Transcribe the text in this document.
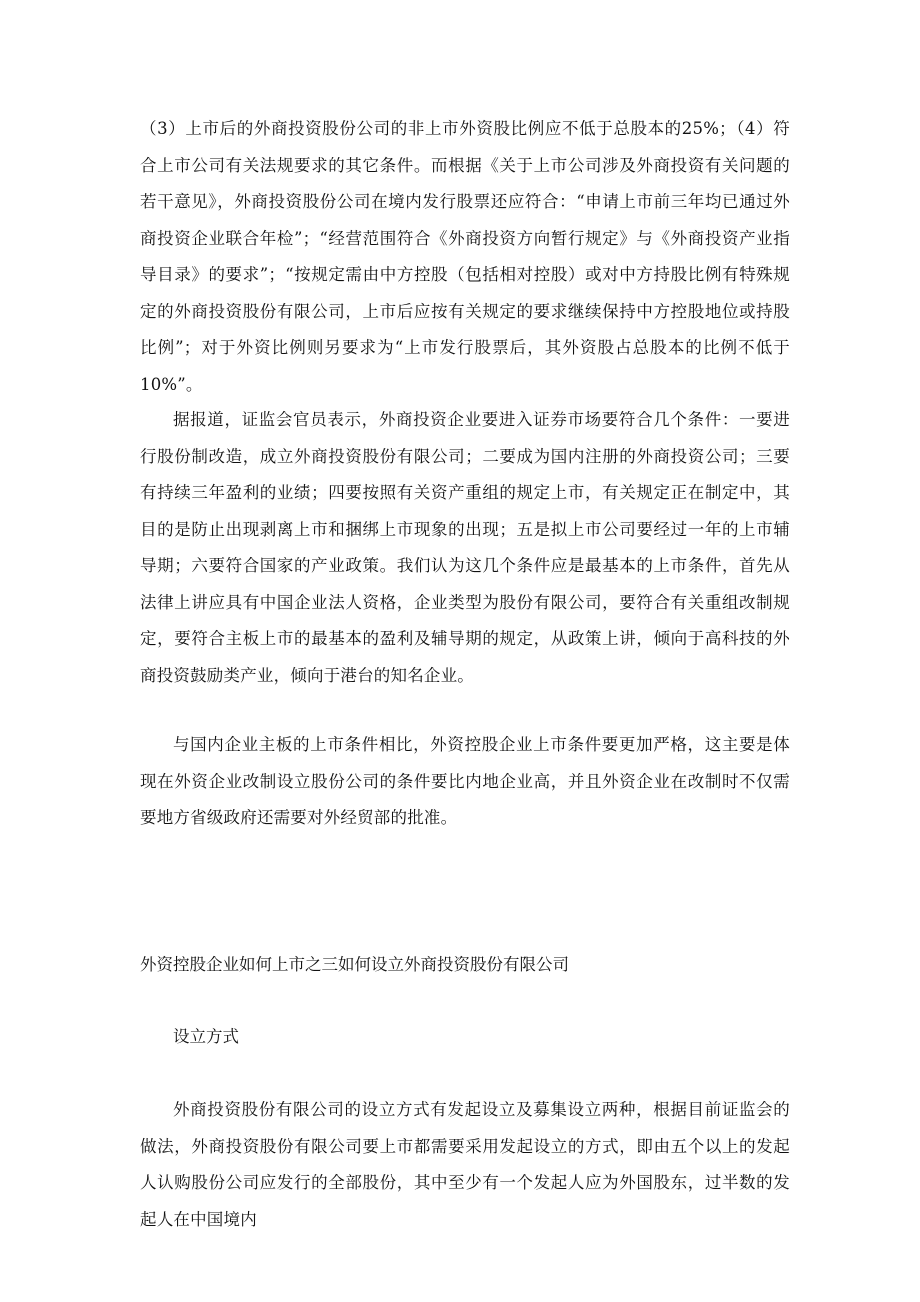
（3）上市后的外商投资股份公司的非上市外资股比例应不低于总股本的25%；（4）符合上市公司有关法规要求的其它条件。而根据《关于上市公司涉及外商投资有关问题的若干意见》，外商投资股份公司在境内发行股票还应符合：“申请上市前三年均已通过外商投资企业联合年检”；“经营范围符合《外商投资方向暂行规定》与《外商投资产业指导目录》的要求”；“按规定需由中方控股（包括相对控股）或对中方持股比例有特殊规定的外商投资股份有限公司，上市后应按有关规定的要求继续保持中方控股地位或持股比例”；对于外资比例则另要求为“上市发行股票后，其外资股占总股本的比例不低于10%”。

据报道，证监会官员表示，外商投资企业要进入证券市场要符合几个条件：一要进行股份制改造，成立外商投资股份有限公司；二要成为国内注册的外商投资公司；三要有持续三年盈利的业绩；四要按照有关资产重组的规定上市，有关规定正在制定中，其目的是防止出现剥离上市和捆绑上市现象的出现；五是拟上市公司要经过一年的上市辅导期；六要符合国家的产业政策。我们认为这几个条件应是最基本的上市条件，首先从法律上讲应具有中国企业法人资格，企业类型为股份有限公司，要符合有关重组改制规定，要符合主板上市的最基本的盈利及辅导期的规定，从政策上讲，倾向于高科技的外商投资鼓励类产业，倾向于港台的知名企业。

与国内企业主板的上市条件相比，外资控股企业上市条件要更加严格，这主要是体现在外资企业改制设立股份公司的条件要比内地企业高，并且外资企业在改制时不仅需要地方省级政府还需要对外经贸部的批准。

外资控股企业如何上市之三如何设立外商投资股份有限公司
设立方式

外商投资股份有限公司的设立方式有发起设立及募集设立两种，根据目前证监会的做法，外商投资股份有限公司要上市都需要采用发起设立的方式，即由五个以上的发起人认购股份公司应发行的全部股份，其中至少有一个发起人应为外国股东，过半数的发起人在中国境内
